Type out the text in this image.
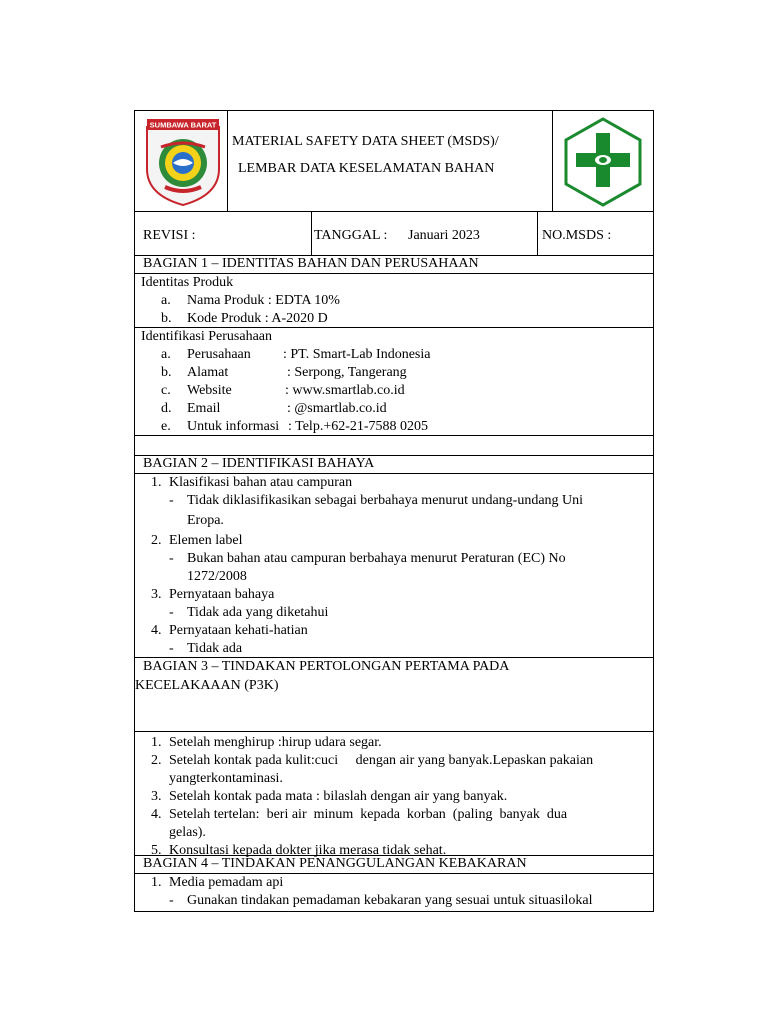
SUMBAWA BARAT
MATERIAL SAFETY DATA SHEET (MSDS)/
LEMBAR DATA KESELAMATAN BAHAN
REVISI :	TANGGAL : Januari 2023	NO.MSDS :
BAGIAN 1 – IDENTITAS BAHAN DAN PERUSAHAAN
Identitas Produk
a. Nama Produk : EDTA 10%
b. Kode Produk : A-2020 D
Identifikasi Perusahaan
a. Perusahaan : PT. Smart-Lab Indonesia
b. Alamat	: Serpong, Tangerang
c. Website	: www.smartlab.co.id
d. Email	: @smartlab.co.id
e. Untuk informasi : Telp.+62-21-7588 0205
BAGIAN 2 – IDENTIFIKASI BAHAYA
1. Klasifikasi bahan atau campuran
- Tidak diklasifikasikan sebagai berbahaya menurut undang-undang Uni
Eropa.
2. Elemen label
- Bukan bahan atau campuran berbahaya menurut Peraturan (EC) No
1272/2008
3. Pernyataan bahaya
- Tidak ada yang diketahui
4. Pernyataan kehati-hatian
- Tidak ada
BAGIAN 3 – TINDAKAN PERTOLONGAN PERTAMA PADA
KECELAKAAAN (P3K)
1. Setelah menghirup :hirup udara segar.
2. Setelah kontak pada kulit:cuci     dengan air yang banyak.Lepaskan pakaian
yangterkontaminasi.
3. Setelah kontak pada mata : bilaslah dengan air yang banyak.
4. Setelah tertelan:  beri air  minum  kepada  korban  (paling  banyak  dua
gelas).
5. Konsultasi kepada dokter jika merasa tidak sehat.
BAGIAN 4 – TINDAKAN PENANGGULANGAN KEBAKARAN
1. Media pemadam api
- Gunakan tindakan pemadaman kebakaran yang sesuai untuk situasilokal
